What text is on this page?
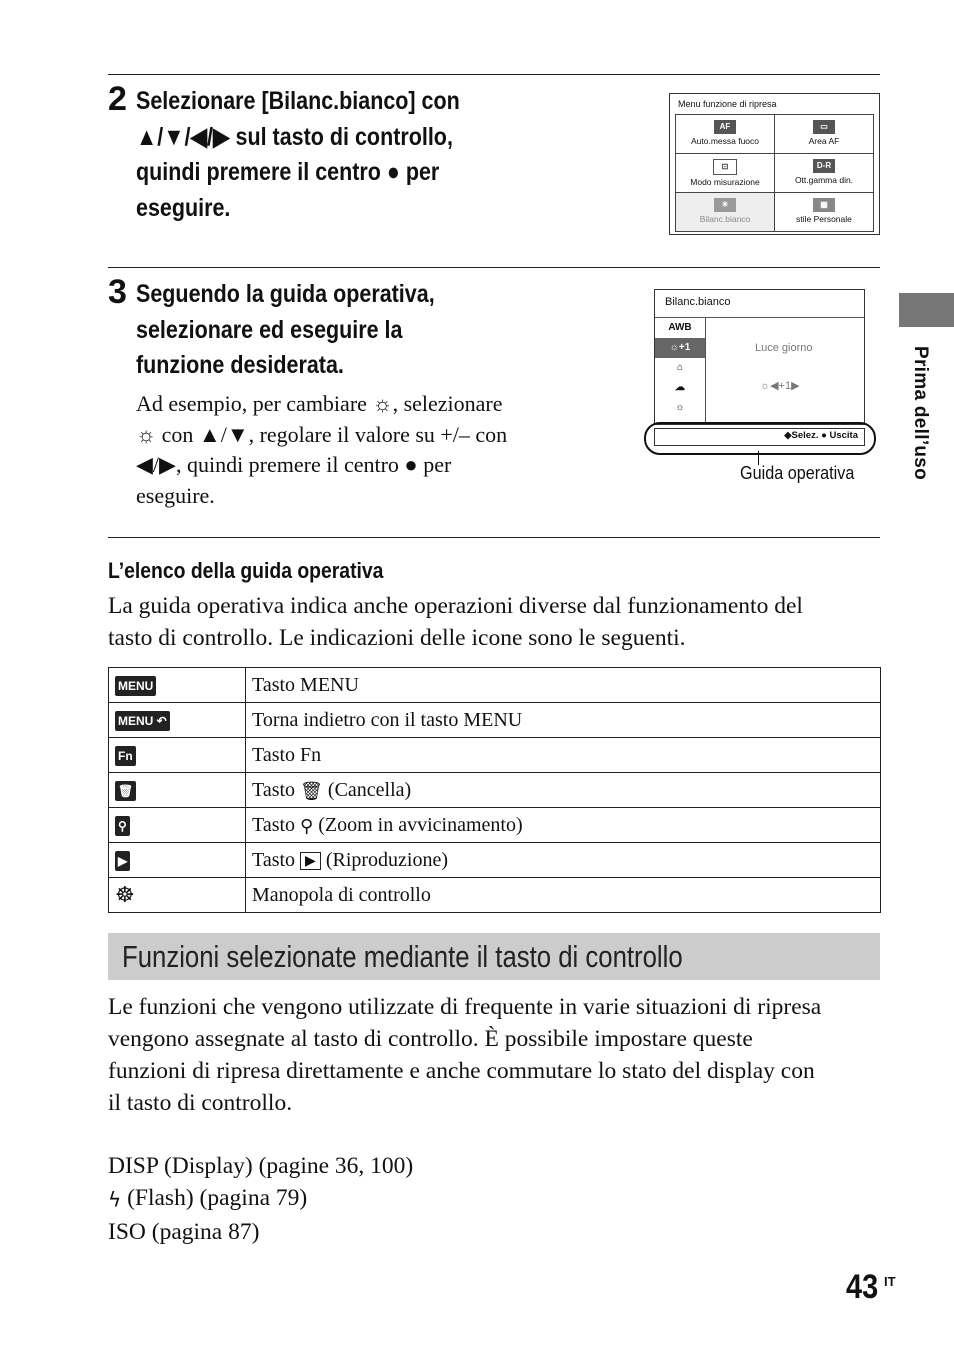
2 Selezionare [Bilanc.bianco] con
▲/▼/◀/▶ sul tasto di controllo,
quindi premere il centro ● per
eseguire.
Menu funzione di ripresa
AF
Auto.messa fuoco
▭
Area AF
⊡
Modo misurazione
D-R
Ott.gamma din.
☀
Bilanc.bianco
▦
stile Personale
3 Seguendo la guida operativa,
selezionare ed eseguire la
funzione desiderata.
Ad esempio, per cambiare ☼, selezionare
☼ con ▲/▼, regolare il valore su +/– con
◀/▶, quindi premere il centro ● per
eseguire.
Bilanc.bianco
AWB
☼+1
⌂
☁
☼
Luce giorno
☼◀+1▶
◆Selez. ● Uscita
Guida operativa	Prima dell’uso
L’elenco della guida operativa
La guida operativa indica anche operazioni diverse dal funzionamento del
tasto di controllo. Le indicazioni delle icone sono le seguenti.
MENU	Tasto MENU
MENU ↶	Torna indietro con il tasto MENU
Fn	Tasto Fn
🗑	Tasto 🗑 (Cancella)
⚲	Tasto ⚲ (Zoom in avvicinamento)
▶	Tasto ▶ (Riproduzione)
☸	Manopola di controllo
Funzioni selezionate mediante il tasto di controllo
Le funzioni che vengono utilizzate di frequente in varie situazioni di ripresa
vengono assegnate al tasto di controllo. È possibile impostare queste
funzioni di ripresa direttamente e anche commutare lo stato del display con
il tasto di controllo.
DISP (Display) (pagine 36, 100)
ϟ (Flash) (pagina 79)
ISO (pagina 87)
43 IT
